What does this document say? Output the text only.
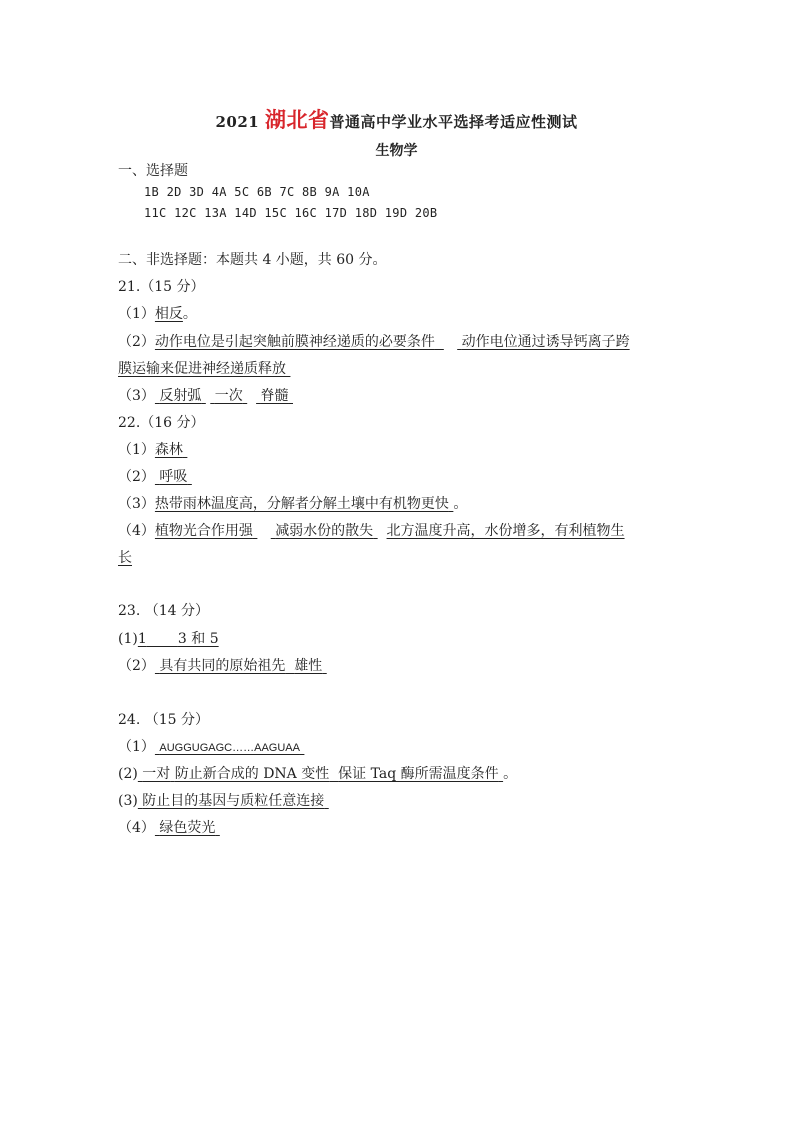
2021 湖北省普通高中学业水平选择考适应性测试
生物学
一、选择题
1B 2D 3D 4A 5C 6B 7C 8B 9A 10A
11C 12C 13A 14D 15C 16C 17D 18D 19D 20B
二、非选择题：本题共 4 小题，共 60 分。
21.（15 分）
（1）相反。
（2）动作电位是引起突触前膜神经递质的必要条件 动作电位通过诱导钙离子跨
膜运输来促进神经递质释放
（3） 反射弧 一次 脊髓
22.（16 分）
（1）森林
（2） 呼吸
（3）热带雨林温度高，分解者分解土壤中有机物更快 。
（4）植物光合作用强 减弱水份的散失 北方温度升高，水份增多，有利植物生
长
23. （14 分）
(1)1 3 和 5
（2） 具有共同的原始祖先 雄性
24. （15 分）
（1） AUGGUGAGC……AAGUAA
(2) 一对 防止新合成的 DNA 变性 保证 Taq 酶所需温度条件 。
(3) 防止目的基因与质粒任意连接
（4） 绿色荧光
